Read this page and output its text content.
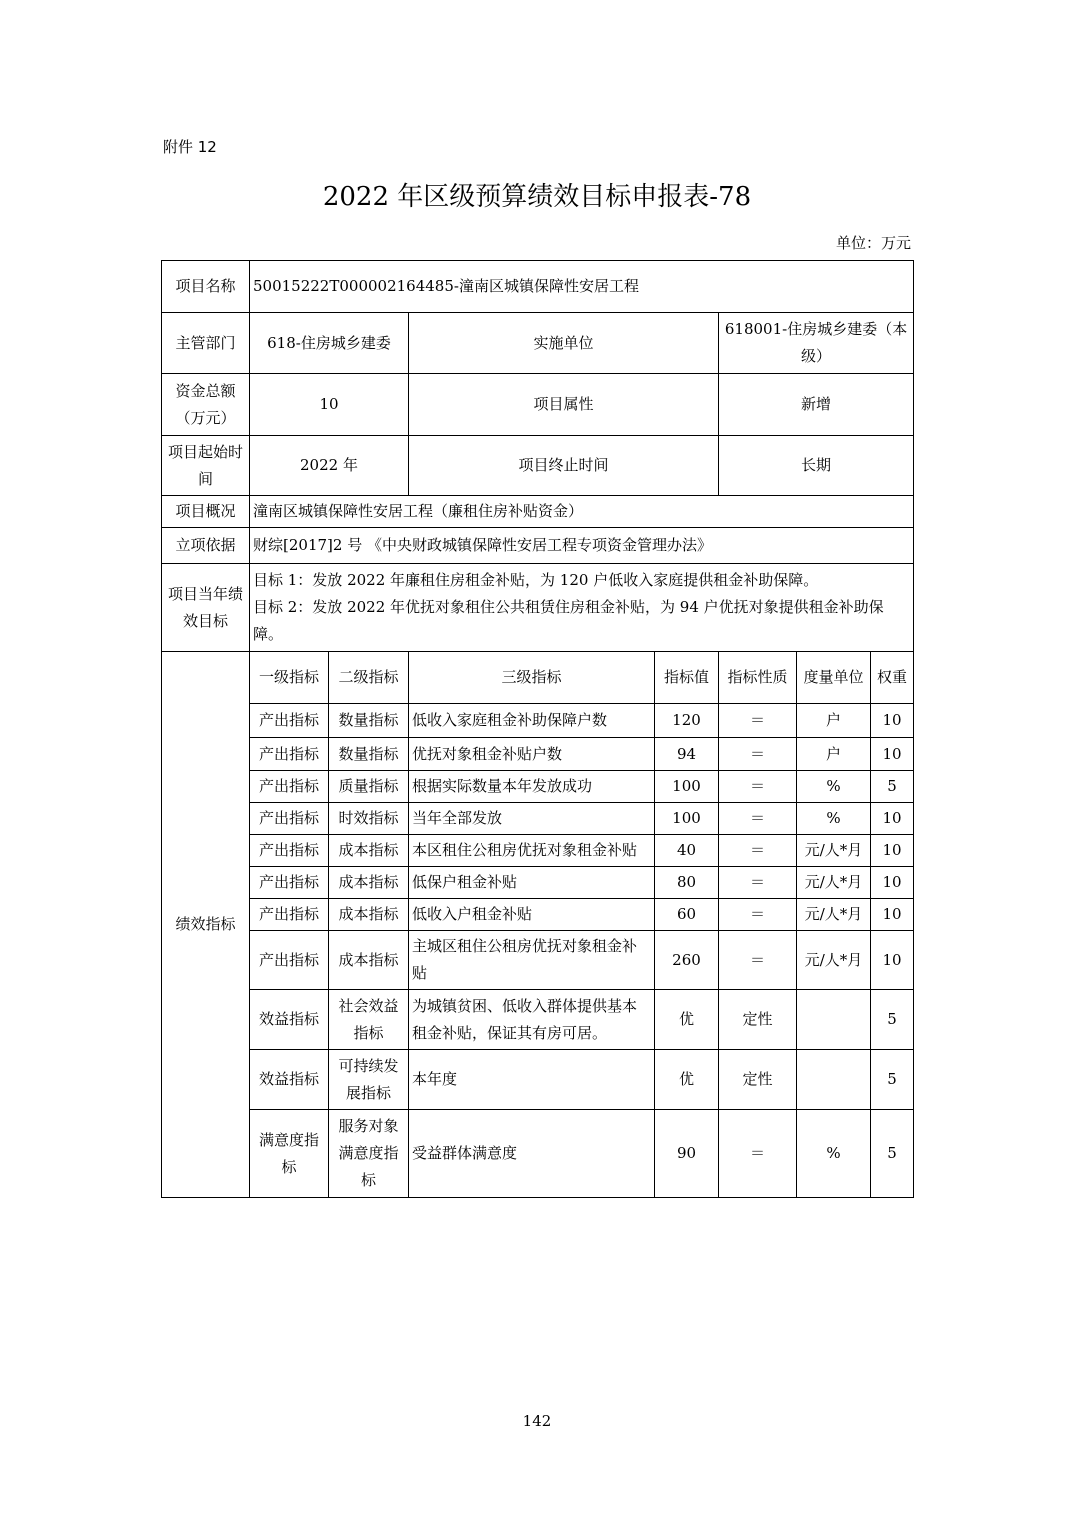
附件 12
2022 年区级预算绩效目标申报表-78
单位：万元
项目名称	50015222T000002164485-潼南区城镇保障性安居工程						
主管部门	618-住房城乡建委		实施单位		618001-住房城乡建委（本级）		
资金总额（万元）	10		项目属性		新增		
项目起始时间	2022 年		项目终止时间		长期		
项目概况	潼南区城镇保障性安居工程（廉租住房补贴资金）						
立项依据	财综[2017]2 号 《中央财政城镇保障性安居工程专项资金管理办法》						
项目当年绩效目标	目标 1：发放 2022 年廉租住房租金补贴，为 120 户低收入家庭提供租金补助保障。
目标 2：发放 2022 年优抚对象租住公共租赁住房租金补贴，为 94 户优抚对象提供租金补助保障。						

绩效指标	一级指标	二级指标	三级指标	指标值	指标性质	度量单位	权重
	产出指标	数量指标	低收入家庭租金补助保障户数	120	＝	户	10
	产出指标	数量指标	优抚对象租金补贴户数	94	＝	户	10
	产出指标	质量指标	根据实际数量本年发放成功	100	＝	%	5
	产出指标	时效指标	当年全部发放	100	＝	%	10
	产出指标	成本指标	本区租住公租房优抚对象租金补贴	40	＝	元/人*月	10
	产出指标	成本指标	低保户租金补贴	80	＝	元/人*月	10
	产出指标	成本指标	低收入户租金补贴	60	＝	元/人*月	10
	产出指标	成本指标	主城区租住公租房优抚对象租金补贴	260	＝	元/人*月	10
	效益指标	社会效益指标	为城镇贫困、低收入群体提供基本租金补贴，保证其有房可居。	优	定性		5
	效益指标	可持续发展指标	本年度	优	定性		5
	满意度指标	服务对象满意度指标	受益群体满意度	90	＝	%	5
142
